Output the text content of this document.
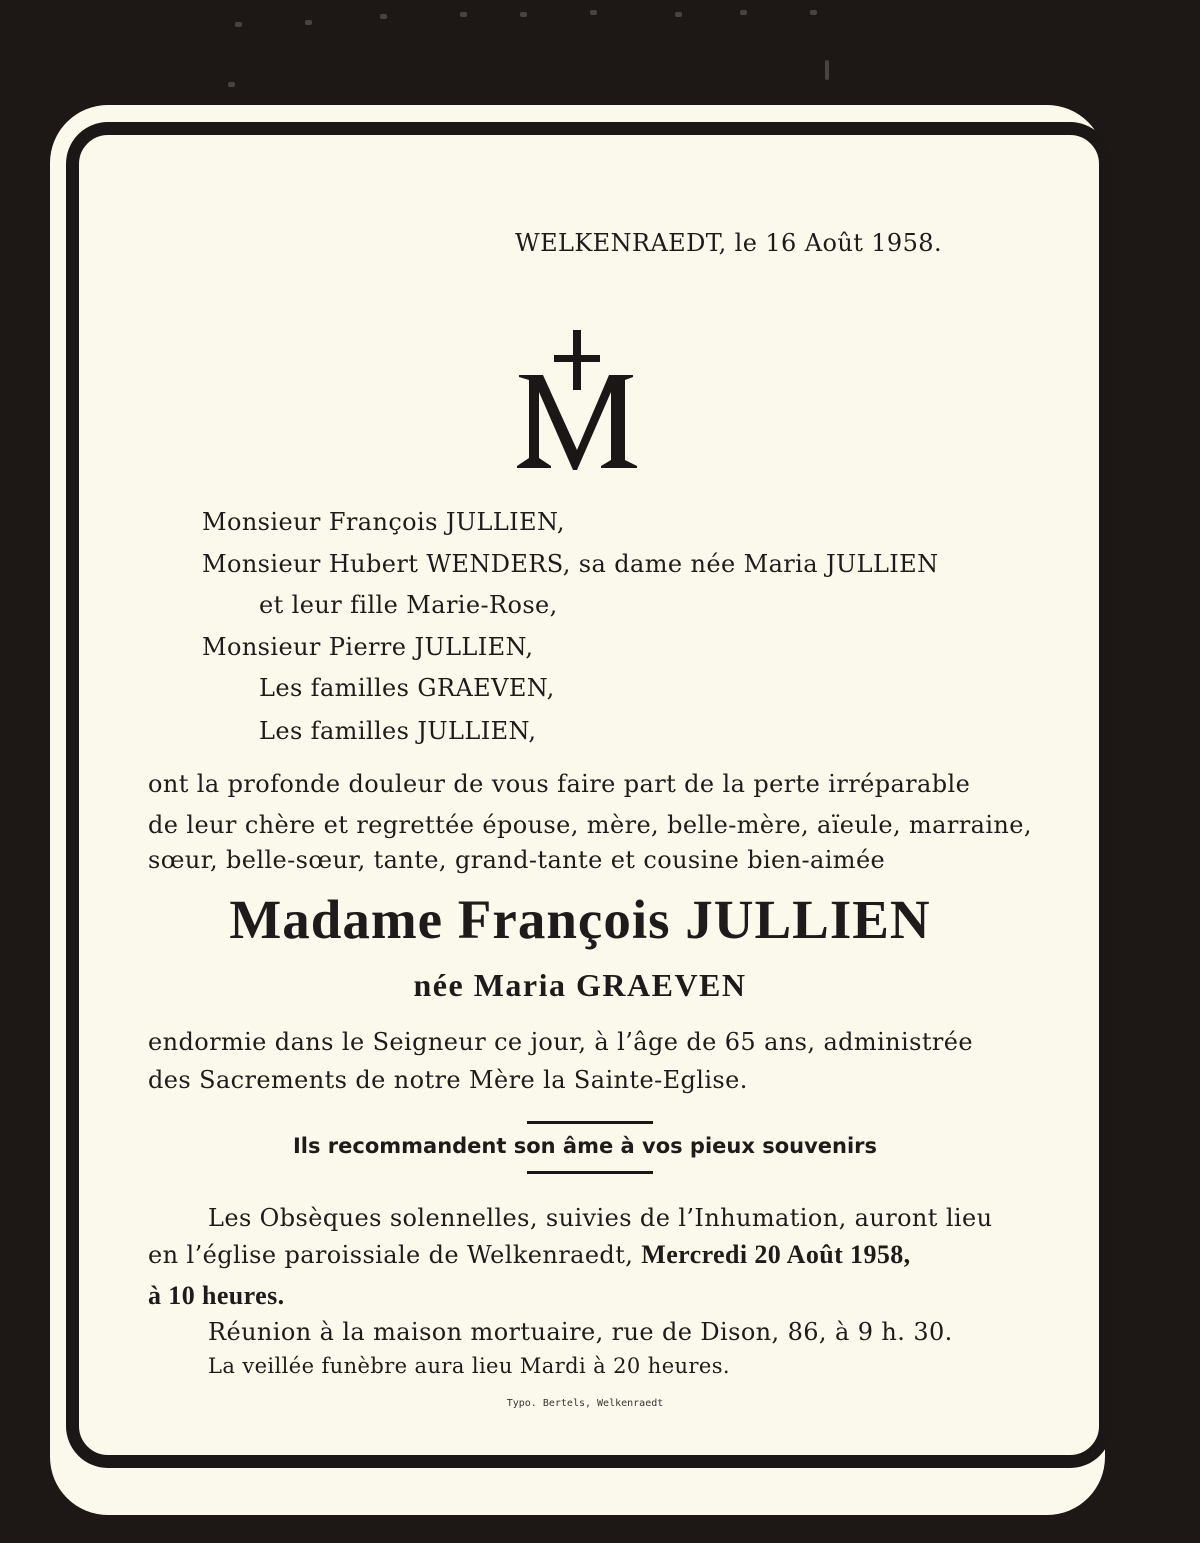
WELKENRAEDT, le 16 Août 1958.
Monsieur François JULLIEN,
Monsieur Hubert WENDERS, sa dame née Maria JULLIEN
et leur fille Marie-Rose,
Monsieur Pierre JULLIEN,
Les familles GRAEVEN,
Les familles JULLIEN,
ont la profonde douleur de vous faire part de la perte irréparable
de leur chère et regrettée épouse, mère, belle-mère, aïeule, marraine,
sœur, belle-sœur, tante, grand-tante et cousine bien-aimée
Madame François JULLIEN
née Maria GRAEVEN
endormie dans le Seigneur ce jour, à l’âge de 65 ans, administrée
des Sacrements de notre Mère la Sainte-Eglise.
Ils recommandent son âme à vos pieux souvenirs
Les Obsèques solennelles, suivies de l’Inhumation, auront lieu
en l’église paroissiale de Welkenraedt, Mercredi 20 Août 1958,
à 10 heures.
Réunion à la maison mortuaire, rue de Dison, 86, à 9 h. 30.
La veillée funèbre aura lieu Mardi à 20 heures.
Typo. Bertels, Welkenraedt
